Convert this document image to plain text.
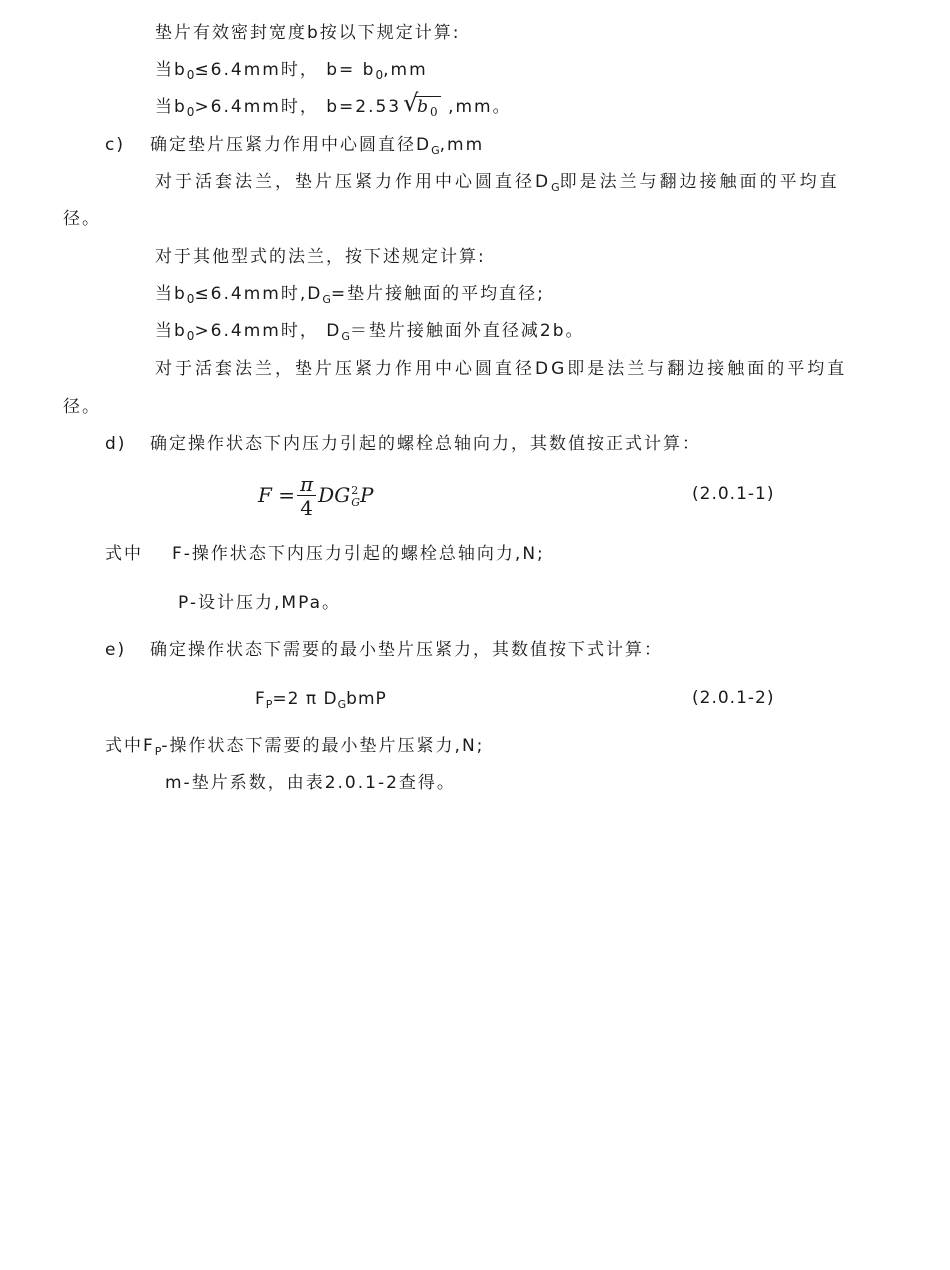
垫片有效密封宽度b按以下规定计算:
当$b_0\le 6.4mm$时， $b= b_0,mm$
当$b_0>6.4mm$时， b=2.53 √
$b_0$ ,mm。
c) 确定垫片压紧力作用中心圆直径$D_G,mm$
对于活套法兰，垫片压紧力作用中心圆直径$D_G$即是法兰与翻边接触面的平均直
径。
对于其他型式的法兰，按下述规定计算:
当$b_0\le 6.4mm$时$,D_G=$垫片接触面的平均直径;
当$b_0>6.4mm$时， $D_G=$垫片接触面外直径减2b。
对于活套法兰，垫片压紧力作用中心圆直径DG即是法兰与翻边接触面的平均直
径。
d) 确定操作状态下内压力引起的螺栓总轴向力，其数值按正式计算：
$F = \frac{\pi}{4}$ DG 2
G P	(2.0.1-1)
式中 F-操作状态下内压力引起的螺栓总轴向力,N;
P-设计压力,MPa。
e) 确定操作状态下需要的最小垫片压紧力，其数值按下式计算：
$F_P=2$ π $D_GbmP$	(2.0.1-2)
式中$F_P-$操作状态下需要的最小垫片压紧力,N;
m-垫片系数，由表2.0.1-2查得。
